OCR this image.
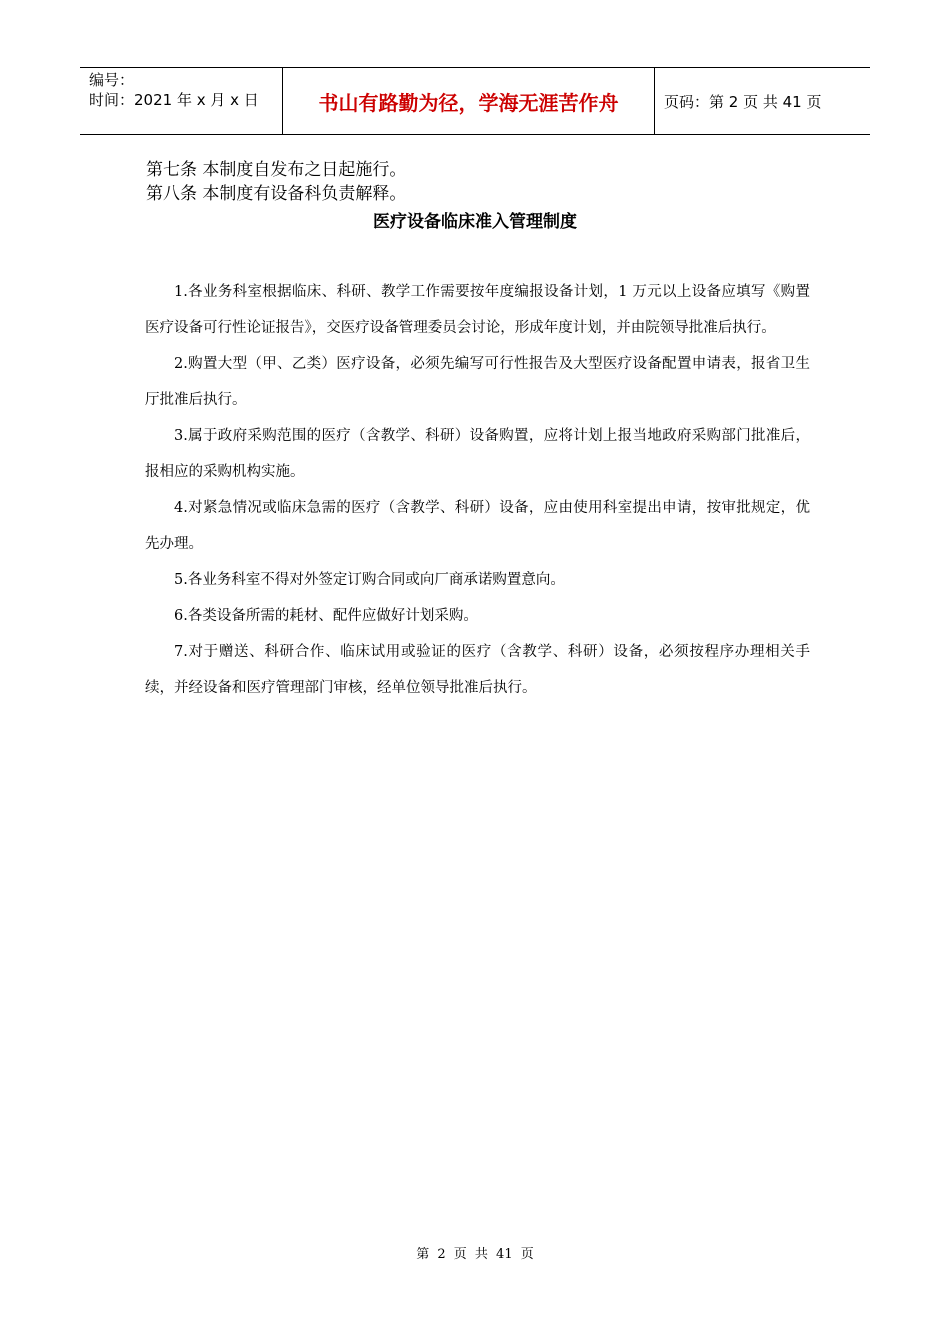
编号：
时间：2021 年 x 月 x 日	书山有路勤为径，学海无涯苦作舟	页码：第 2 页 共 41 页
第七条 本制度自发布之日起施行。
第八条 本制度有设备科负责解释。
医疗设备临床准入管理制度

1.各业务科室根据临床、科研、教学工作需要按年度编报设备计划，1 万元以上设备应填写《购置医疗设备可行性论证报告》，交医疗设备管理委员会讨论，形成年度计划，并由院领导批准后执行。

2.购置大型（甲、乙类）医疗设备，必须先编写可行性报告及大型医疗设备配置申请表，报省卫生厅批准后执行。

3.属于政府采购范围的医疗（含教学、科研）设备购置，应将计划上报当地政府采购部门批准后，报相应的采购机构实施。

4.对紧急情况或临床急需的医疗（含教学、科研）设备，应由使用科室提出申请，按审批规定，优先办理。

5.各业务科室不得对外签定订购合同或向厂商承诺购置意向。

6.各类设备所需的耗材、配件应做好计划采购。

7.对于赠送、科研合作、临床试用或验证的医疗（含教学、科研）设备，必须按程序办理相关手续，并经设备和医疗管理部门审核，经单位领导批准后执行。

第 2 页 共 41 页
